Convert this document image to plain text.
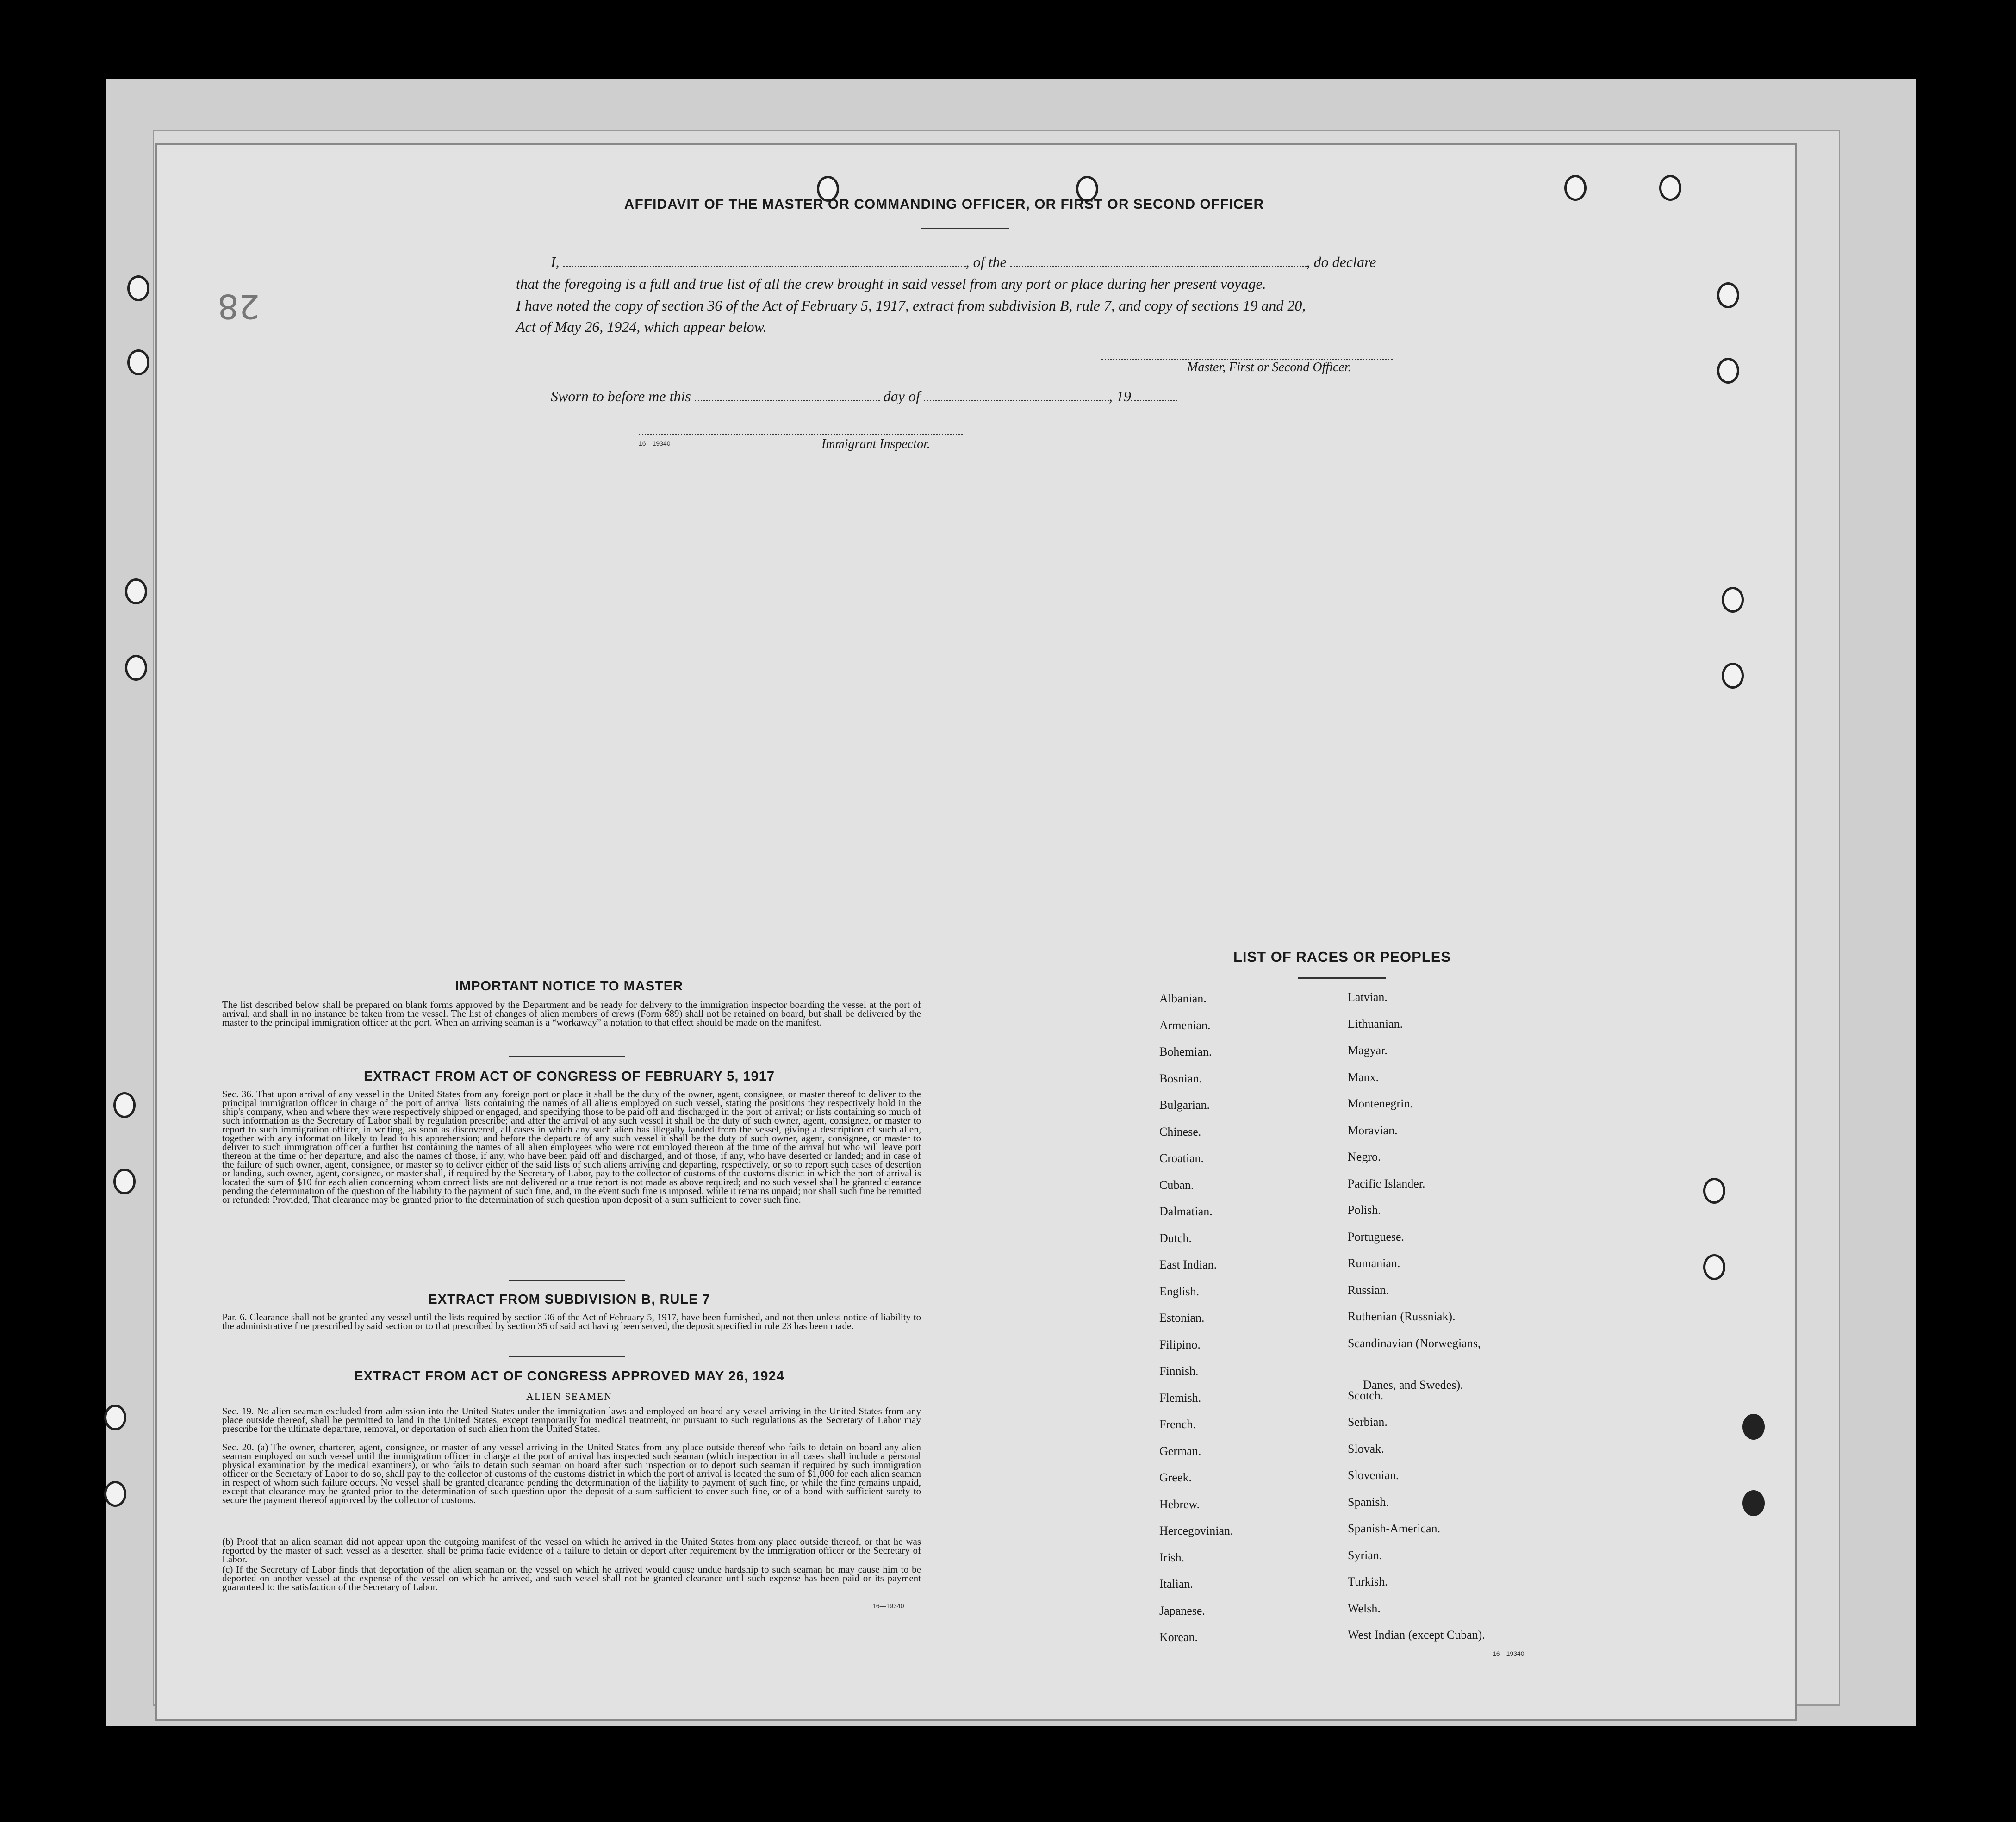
28
AFFIDAVIT OF THE MASTER OR COMMANDING OFFICER, OR FIRST OR SECOND OFFICER
I,	, of the	, do declare
that the foregoing is a full and true list of all the crew brought in said vessel from any port or place during her present voyage.
I have noted the copy of section 36 of the Act of February 5, 1917, extract from subdivision B, rule 7, and copy of sections 19 and 20,
Act of May 26, 1924, which appear below.
Master, First or Second Officer.
Sworn to before me this	day of	, 19
16—19340	Immigrant Inspector.
IMPORTANT NOTICE TO MASTER
The list described below shall be prepared on blank forms approved by the Department and be ready for delivery to the immigration inspector boarding the vessel at the port of arrival, and shall in no instance be taken from the vessel. The list of changes of alien members of crews (Form 689) shall not be retained on board, but shall be delivered by the master to the principal immigration officer at the port. When an arriving seaman is a “workaway” a notation to that effect should be made on the manifest.
EXTRACT FROM ACT OF CONGRESS OF FEBRUARY 5, 1917
Sec. 36. That upon arrival of any vessel in the United States from any foreign port or place it shall be the duty of the owner, agent, consignee, or master thereof to deliver to the principal immigration officer in charge of the port of arrival lists containing the names of all aliens employed on such vessel, stating the positions they respectively hold in the ship's company, when and where they were respectively shipped or engaged, and specifying those to be paid off and discharged in the port of arrival; or lists containing so much of such information as the Secretary of Labor shall by regulation prescribe; and after the arrival of any such vessel it shall be the duty of such owner, agent, consignee, or master to report to such immigration officer, in writing, as soon as discovered, all cases in which any such alien has illegally landed from the vessel, giving a description of such alien, together with any information likely to lead to his apprehension; and before the departure of any such vessel it shall be the duty of such owner, agent, consignee, or master to deliver to such immigration officer a further list containing the names of all alien employees who were not employed thereon at the time of the arrival but who will leave port thereon at the time of her departure, and also the names of those, if any, who have been paid off and discharged, and of those, if any, who have deserted or landed; and in case of the failure of such owner, agent, consignee, or master so to deliver either of the said lists of such aliens arriving and departing, respectively, or so to report such cases of desertion or landing, such owner, agent, consignee, or master shall, if required by the Secretary of Labor, pay to the collector of customs of the customs district in which the port of arrival is located the sum of $10 for each alien concerning whom correct lists are not delivered or a true report is not made as above required; and no such vessel shall be granted clearance pending the determination of the question of the liability to the payment of such fine, and, in the event such fine is imposed, while it remains unpaid; nor shall such fine be remitted or refunded: Provided, That clearance may be granted prior to the determination of such question upon deposit of a sum sufficient to cover such fine.
EXTRACT FROM SUBDIVISION B, RULE 7
Par. 6. Clearance shall not be granted any vessel until the lists required by section 36 of the Act of February 5, 1917, have been furnished, and not then unless notice of liability to the administrative fine prescribed by said section or to that prescribed by section 35 of said act having been served, the deposit specified in rule 23 has been made.
EXTRACT FROM ACT OF CONGRESS APPROVED MAY 26, 1924
ALIEN SEAMEN
Sec. 19. No alien seaman excluded from admission into the United States under the immigration laws and employed on board any vessel arriving in the United States from any place outside thereof, shall be permitted to land in the United States, except temporarily for medical treatment, or pursuant to such regulations as the Secretary of Labor may prescribe for the ultimate departure, removal, or deportation of such alien from the United States.
Sec. 20. (a) The owner, charterer, agent, consignee, or master of any vessel arriving in the United States from any place outside thereof who fails to detain on board any alien seaman employed on such vessel until the immigration officer in charge at the port of arrival has inspected such seaman (which inspection in all cases shall include a personal physical examination by the medical examiners), or who fails to detain such seaman on board after such inspection or to deport such seaman if required by such immigration officer or the Secretary of Labor to do so, shall pay to the collector of customs of the customs district in which the port of arrival is located the sum of $1,000 for each alien seaman in respect of whom such failure occurs. No vessel shall be granted clearance pending the determination of the liability to payment of such fine, or while the fine remains unpaid, except that clearance may be granted prior to the determination of such question upon the deposit of a sum sufficient to cover such fine, or of a bond with sufficient surety to secure the payment thereof approved by the collector of customs.
(b) Proof that an alien seaman did not appear upon the outgoing manifest of the vessel on which he arrived in the United States from any place outside thereof, or that he was reported by the master of such vessel as a deserter, shall be prima facie evidence of a failure to detain or deport after requirement by the immigration officer or the Secretary of Labor.
(c) If the Secretary of Labor finds that deportation of the alien seaman on the vessel on which he arrived would cause undue hardship to such seaman he may cause him to be deported on another vessel at the expense of the vessel on which he arrived, and such vessel shall not be granted clearance until such expense has been paid or its payment guaranteed to the satisfaction of the Secretary of Labor.
16—19340
LIST OF RACES OR PEOPLES
Albanian.
Armenian.
Bohemian.
Bosnian.
Bulgarian.
Chinese.
Croatian.
Cuban.
Dalmatian.
Dutch.
East Indian.
English.
Estonian.
Filipino.
Finnish.
Flemish.
French.
German.
Greek.
Hebrew.
Hercegovinian.
Irish.
Italian.
Japanese.
Korean.
Latvian.
Lithuanian.
Magyar.
Manx.
Montenegrin.
Moravian.
Negro.
Pacific Islander.
Polish.
Portuguese.
Rumanian.
Russian.
Ruthenian (Russniak).
Scandinavian (Norwegians,
Scotch.
Serbian.
Slovak.
Slovenian.
Spanish.
Spanish-American.
Syrian.
Turkish.
Welsh.
West Indian (except Cuban).
Danes, and Swedes).
16—19340
